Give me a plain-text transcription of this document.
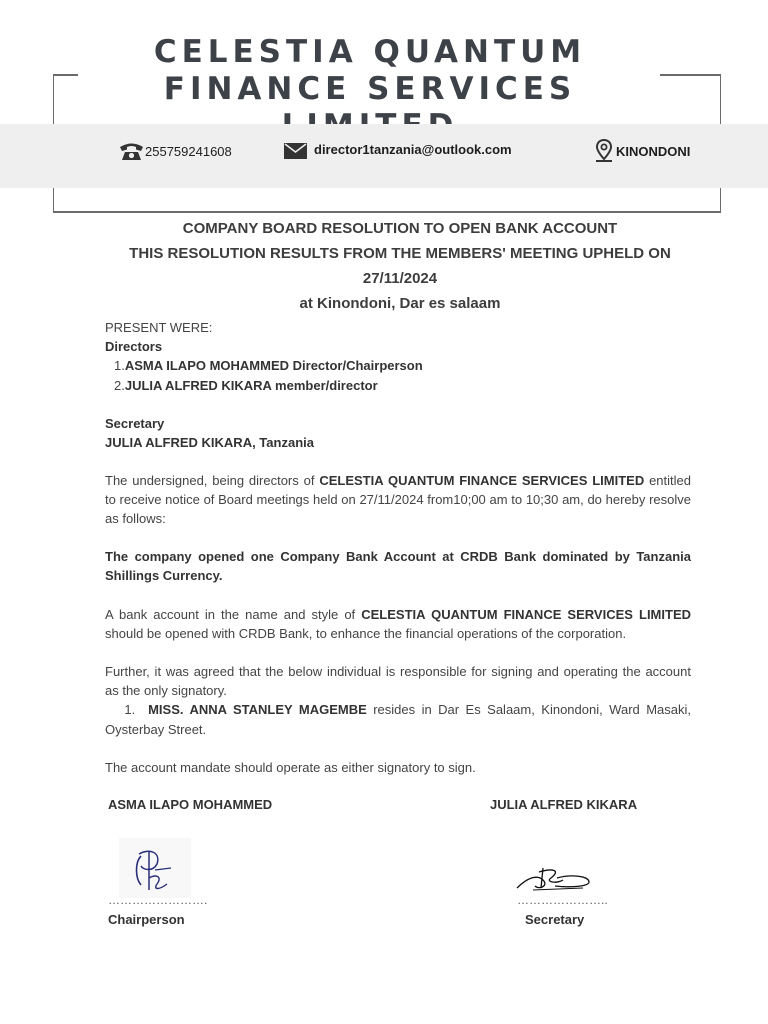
CELESTIA QUANTUM
FINANCE SERVICES
255759241608	director1tanzania@outlook.com	KINONDONI
COMPANY BOARD RESOLUTION TO OPEN BANK ACCOUNT
THIS RESOLUTION RESULTS FROM THE MEMBERS' MEETING UPHELD ON
27/11/2024
at Kinondoni, Dar es salaam
PRESENT WERE:
Directors
1.ASMA ILAPO MOHAMMED Director/Chairperson
2.JULIA ALFRED KIKARA member/director

Secretary
JULIA ALFRED KIKARA, Tanzania
The undersigned, being directors of CELESTIA QUANTUM FINANCE SERVICES LIMITED entitled to receive notice of Board meetings held on 27/11/2024 from10;00 am to 10;30 am, do hereby resolve as follows:
The company opened one Company Bank Account at CRDB Bank dominated by Tanzania Shillings Currency.
A bank account in the name and style of CELESTIA QUANTUM FINANCE SERVICES LIMITED should be opened with CRDB Bank, to enhance the financial operations of the corporation.
Further, it was agreed that the below individual is responsible for signing and operating the account as the only signatory.
1. MISS. ANNA STANLEY MAGEMBE resides in Dar Es Salaam, Kinondoni, Ward Masaki, Oysterbay Street.
The account mandate should operate as either signatory to sign.
ASMA ILAPO MOHAMMED	JULIA ALFRED KIKARA
…………………….	…………………..
Chairperson	Secretary
